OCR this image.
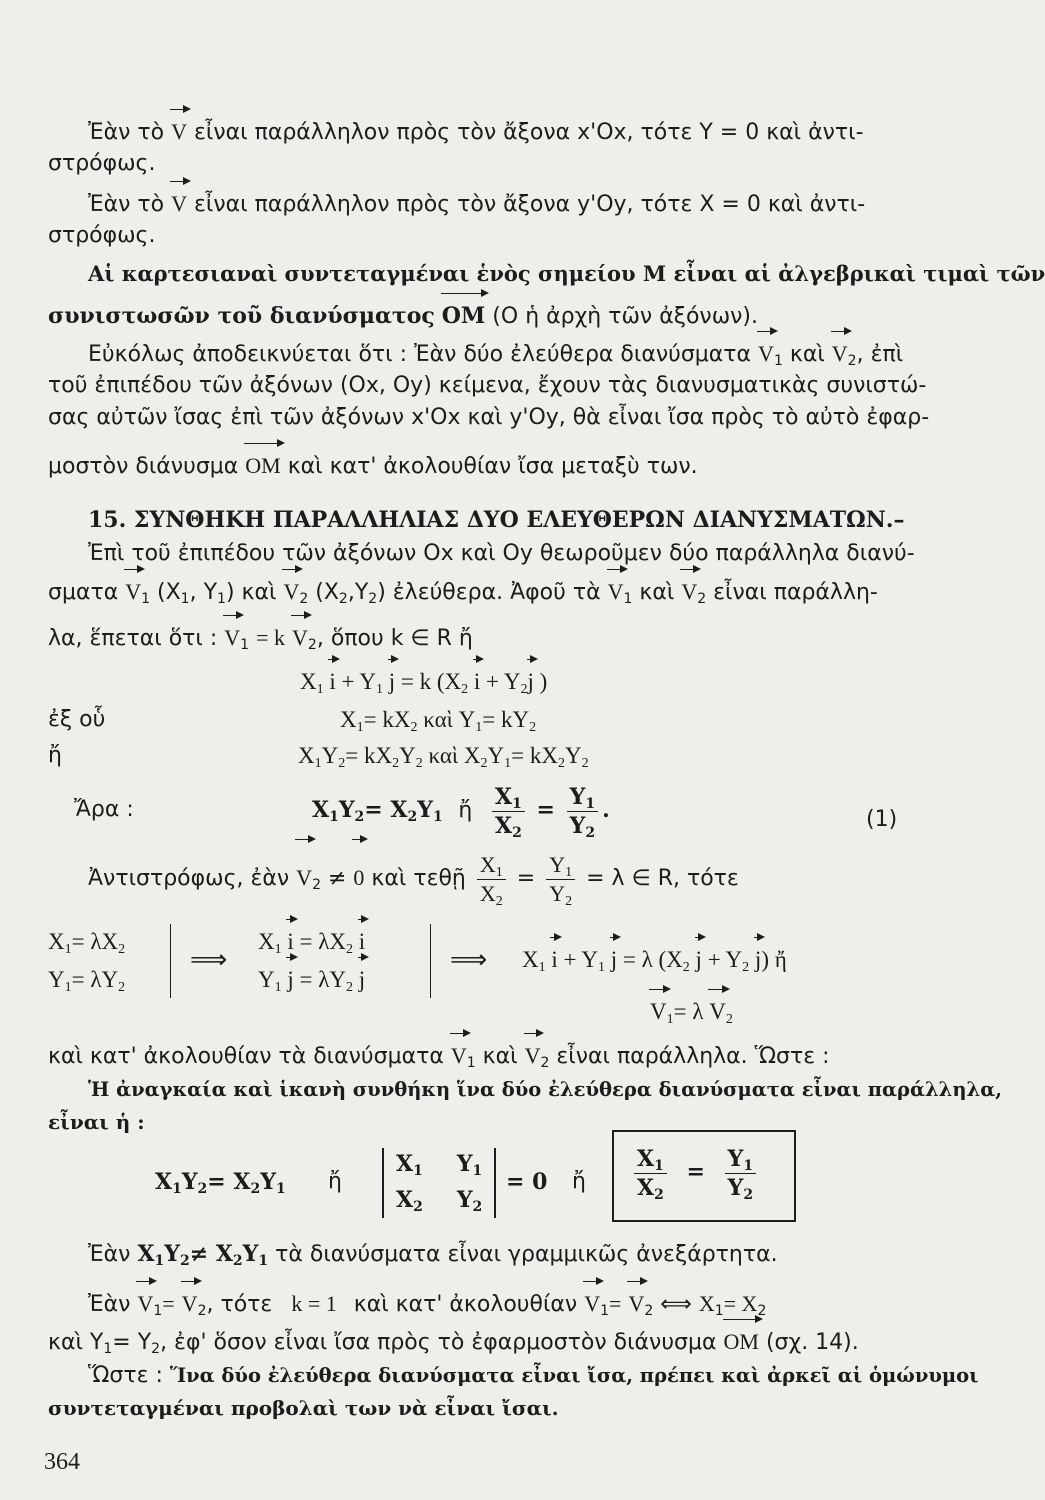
Ἐὰν τὸ V εἶναι παράλληλον πρὸς τὸν ἄξονα x'Ox, τότε Y = 0 καὶ ἀντι-
στρόφως.
Ἐὰν τὸ V εἶναι παράλληλον πρὸς τὸν ἄξονα y'Oy, τότε X = 0 καὶ ἀντι-
στρόφως.
Αἱ καρτεσιαναὶ συντεταγμέναι ἑνὸς σημείου M εἶναι αἱ ἀλγεβρικαὶ τιμαὶ τῶν
συνιστωσῶν τοῦ διανύσματος OM (O ἡ ἀρχὴ τῶν ἀξόνων).
Εὐκόλως ἀποδεικνύεται ὅτι : Ἐὰν δύο ἐλεύθερα διανύσματα $V_1$ καὶ $V_2$, ἐπὶ
τοῦ ἐπιπέδου τῶν ἀξόνων (Ox, Oy) κείμενα, ἔχουν τὰς διανυσματικὰς συνιστώ-
σας αὐτῶν ἴσας ἐπὶ τῶν ἀξόνων x'Ox καὶ y'Oy, θὰ εἶναι ἴσα πρὸς τὸ αὐτὸ ἐφαρ-
μοστὸν διάνυσμα OM καὶ κατ' ἀκολουθίαν ἴσα μεταξὺ των.
15. ΣΥΝΘΗΚΗ ΠΑΡΑΛΛΗΛΙΑΣ ΔΥΟ ΕΛΕΥΘΕΡΩΝ ΔΙΑΝΥΣΜΑΤΩΝ.–
Ἐπὶ τοῦ ἐπιπέδου τῶν ἀξόνων Ox καὶ Oy θεωροῦμεν δύο παράλληλα διανύ-
σματα $V_1$ ($X_1$, $Y_1$) καὶ $V_2$ $(X_2,Y_2)$ ἐλεύθερα. Ἀφοῦ τὰ $V_1$ καὶ $V_2$ εἶναι παράλλη-
λα, ἕπεται ὅτι : $V_1 = k$ $V_2$, ὅπου k ∈ R ἤ
$X_1$ $i + Y_1$ j = k ($X_2$ $i + Y_2j$ )
ἐξ οὗ	$X_1= kX_2$ καὶ $Y_1= kY_2$
ἤ	$X_1Y_2= kX_2Y_2$ καὶ $X_2Y_1= kX_2Y_2$
Ἄρα :	$X_1Y_2= X_2Y_1$ ἤ $\frac{X_1}{X_2} = \frac{Y_1}{Y_2}$ .	(1)
Ἀντιστρόφως, ἐὰν $V_2 \ne 0$ καὶ τεθῇ $\frac{X_1}{X_2} = \frac{Y_1}{Y_2} = \lambda$ ∈ R, τότε
$X_1= \lambda X_2$
$Y_1= \lambda Y_2$
⟹
$X_1$ $i = \lambda X_2$ i
$Y_1$ $j = \lambda Y_2$ j
⟹ $X_1$ $i + Y_1$ j = λ ($X_2$ $j + Y_2$ j) ἤ
$V_1= \lambda$ $V_2$
καὶ κατ' ἀκολουθίαν τὰ διανύσματα $V_1$ καὶ $V_2$ εἶναι παράλληλα. Ὥστε :
Ἡ ἀναγκαία καὶ ἱκανὴ συνθήκη ἵνα δύο ἐλεύθερα διανύσματα εἶναι παράλληλα,
εἶναι ἡ :
$X_1Y_2= X_2Y_1$ ἤ
$X_1$ $Y_1$
$X_2$ $Y_2$
= 0 ἤ $\frac{X_1}{X_2} = \frac{Y_1}{Y_2}$
Ἐὰν $X_1Y_2\ne X_2Y_1$ τὰ διανύσματα εἶναι γραμμικῶς ἀνεξάρτητα.
Ἐὰν $V_1= V_2$, τότε k = 1 καὶ κατ' ἀκολουθίαν $V_1= V_2$ ⟺ $X_1= X_2$
καὶ $Y_1= Y_2$, ἐφ' ὅσον εἶναι ἴσα πρὸς τὸ ἐφαρμοστὸν διάνυσμα OM (σχ. 14).
Ὥστε : Ἵνα δύο ἐλεύθερα διανύσματα εἶναι ἴσα, πρέπει καὶ ἀρκεῖ αἱ ὁμώνυμοι
συντεταγμέναι προβολαὶ των νὰ εἶναι ἴσαι.
364
